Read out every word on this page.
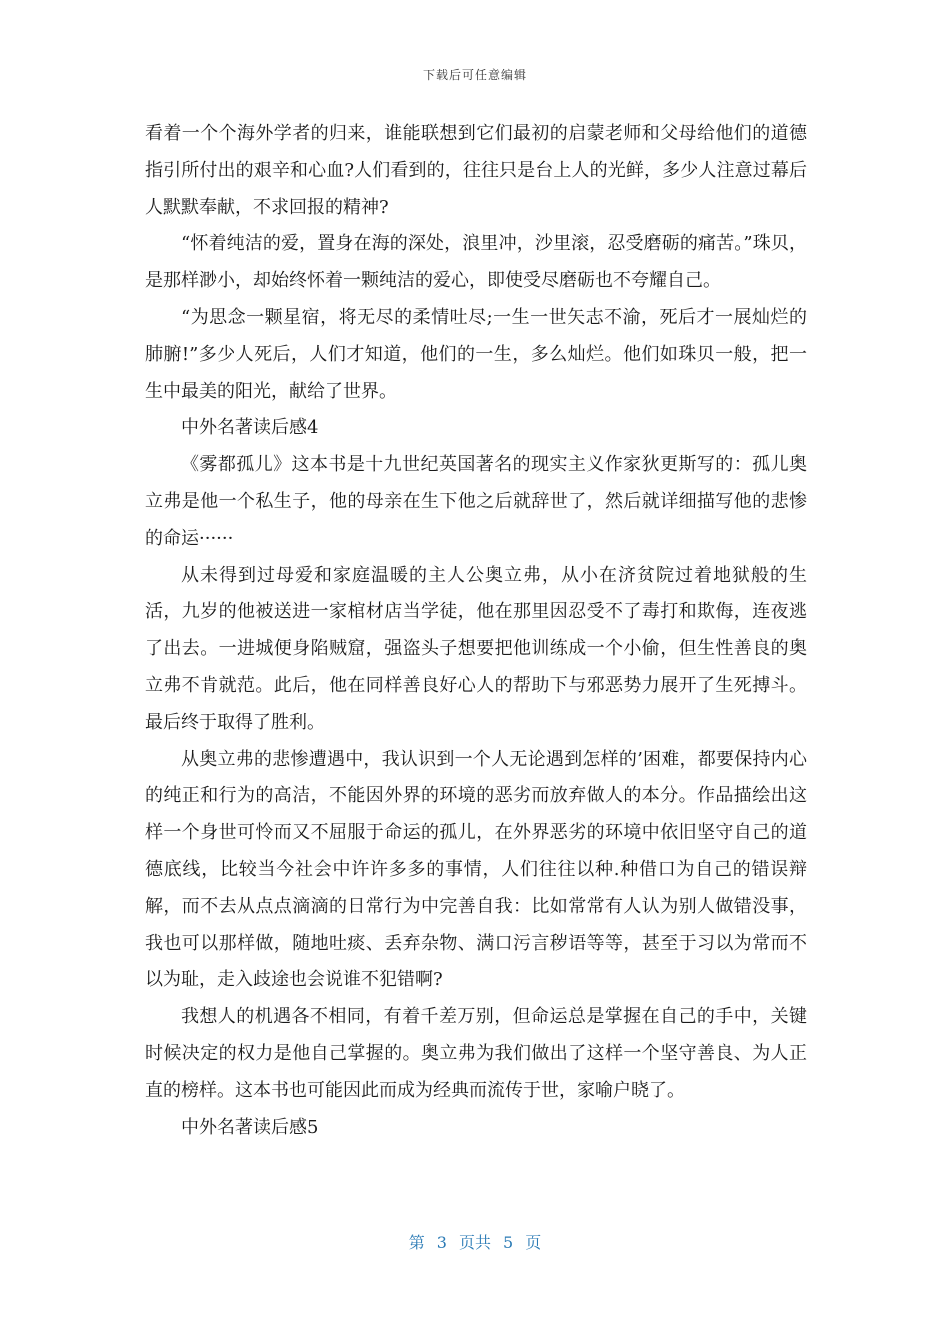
下载后可任意编辑

看着一个个海外学者的归来，谁能联想到它们最初的启蒙老师和父母给他们的道德指引所付出的艰辛和心血?人们看到的，往往只是台上人的光鲜，多少人注意过幕后人默默奉献，不求回报的精神?

“怀着纯洁的爱，置身在海的深处，浪里冲，沙里滚，忍受磨砺的痛苦。”珠贝，是那样渺小，却始终怀着一颗纯洁的爱心，即使受尽磨砺也不夸耀自己。

“为思念一颗星宿，将无尽的柔情吐尽;一生一世矢志不渝，死后才一展灿烂的肺腑!”多少人死后，人们才知道，他们的一生，多么灿烂。他们如珠贝一般，把一生中最美的阳光，献给了世界。

中外名著读后感4

《雾都孤儿》这本书是十九世纪英国著名的现实主义作家狄更斯写的：孤儿奥立弗是他一个私生子，他的母亲在生下他之后就辞世了，然后就详细描写他的悲惨的命运······

从未得到过母爱和家庭温暖的主人公奥立弗，从小在济贫院过着地狱般的生活，九岁的他被送进一家棺材店当学徒，他在那里因忍受不了毒打和欺侮，连夜逃了出去。一进城便身陷贼窟，强盗头子想要把他训练成一个小偷，但生性善良的奥立弗不肯就范。此后，他在同样善良好心人的帮助下与邪恶势力展开了生死搏斗。最后终于取得了胜利。

从奥立弗的悲惨遭遇中，我认识到一个人无论遇到怎样的’困难，都要保持内心的纯正和行为的高洁，不能因外界的环境的恶劣而放弃做人的本分。作品描绘出这样一个身世可怜而又不屈服于命运的孤儿，在外界恶劣的环境中依旧坚守自己的道德底线，比较当今社会中许许多多的事情，人们往往以种.种借口为自己的错误辩解，而不去从点点滴滴的日常行为中完善自我：比如常常有人认为别人做错没事，我也可以那样做，随地吐痰、丢弃杂物、满口污言秽语等等，甚至于习以为常而不以为耻，走入歧途也会说谁不犯错啊?

我想人的机遇各不相同，有着千差万别，但命运总是掌握在自己的手中，关键时候决定的权力是他自己掌握的。奥立弗为我们做出了这样一个坚守善良、为人正直的榜样。这本书也可能因此而成为经典而流传于世，家喻户晓了。

中外名著读后感5

第 3 页共 5 页
